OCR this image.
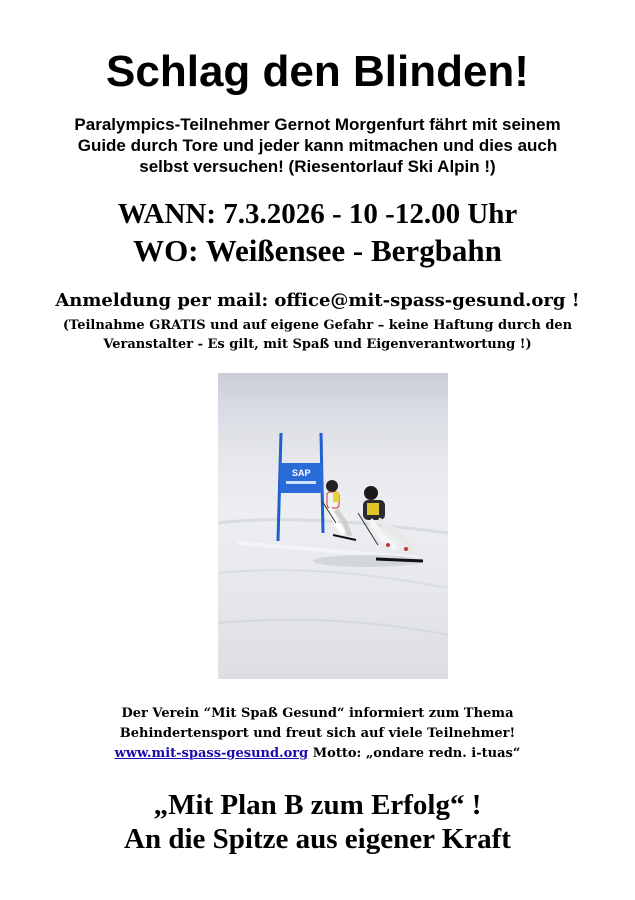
Schlag den Blinden!
Paralympics-Teilnehmer Gernot Morgenfurt fährt mit seinem
Guide durch Tore und jeder kann mitmachen und dies auch
selbst versuchen! (Riesentorlauf Ski Alpin !)
WANN: 7.3.2026 - 10 -12.00 Uhr
WO: Weißensee - Bergbahn
Anmeldung per mail: office@mit-spass-gesund.org !
(Teilnahme GRATIS und auf eigene Gefahr – keine Haftung durch den
Veranstalter - Es gilt, mit Spaß und Eigenverantwortung !)
SAP
Der Verein “Mit Spaß Gesund“ informiert zum Thema
Behindertensport und freut sich auf viele Teilnehmer!
www.mit-spass-gesund.org Motto: „ondare redn. i-tuas“
„Mit Plan B zum Erfolg“ !
An die Spitze aus eigener Kraft
